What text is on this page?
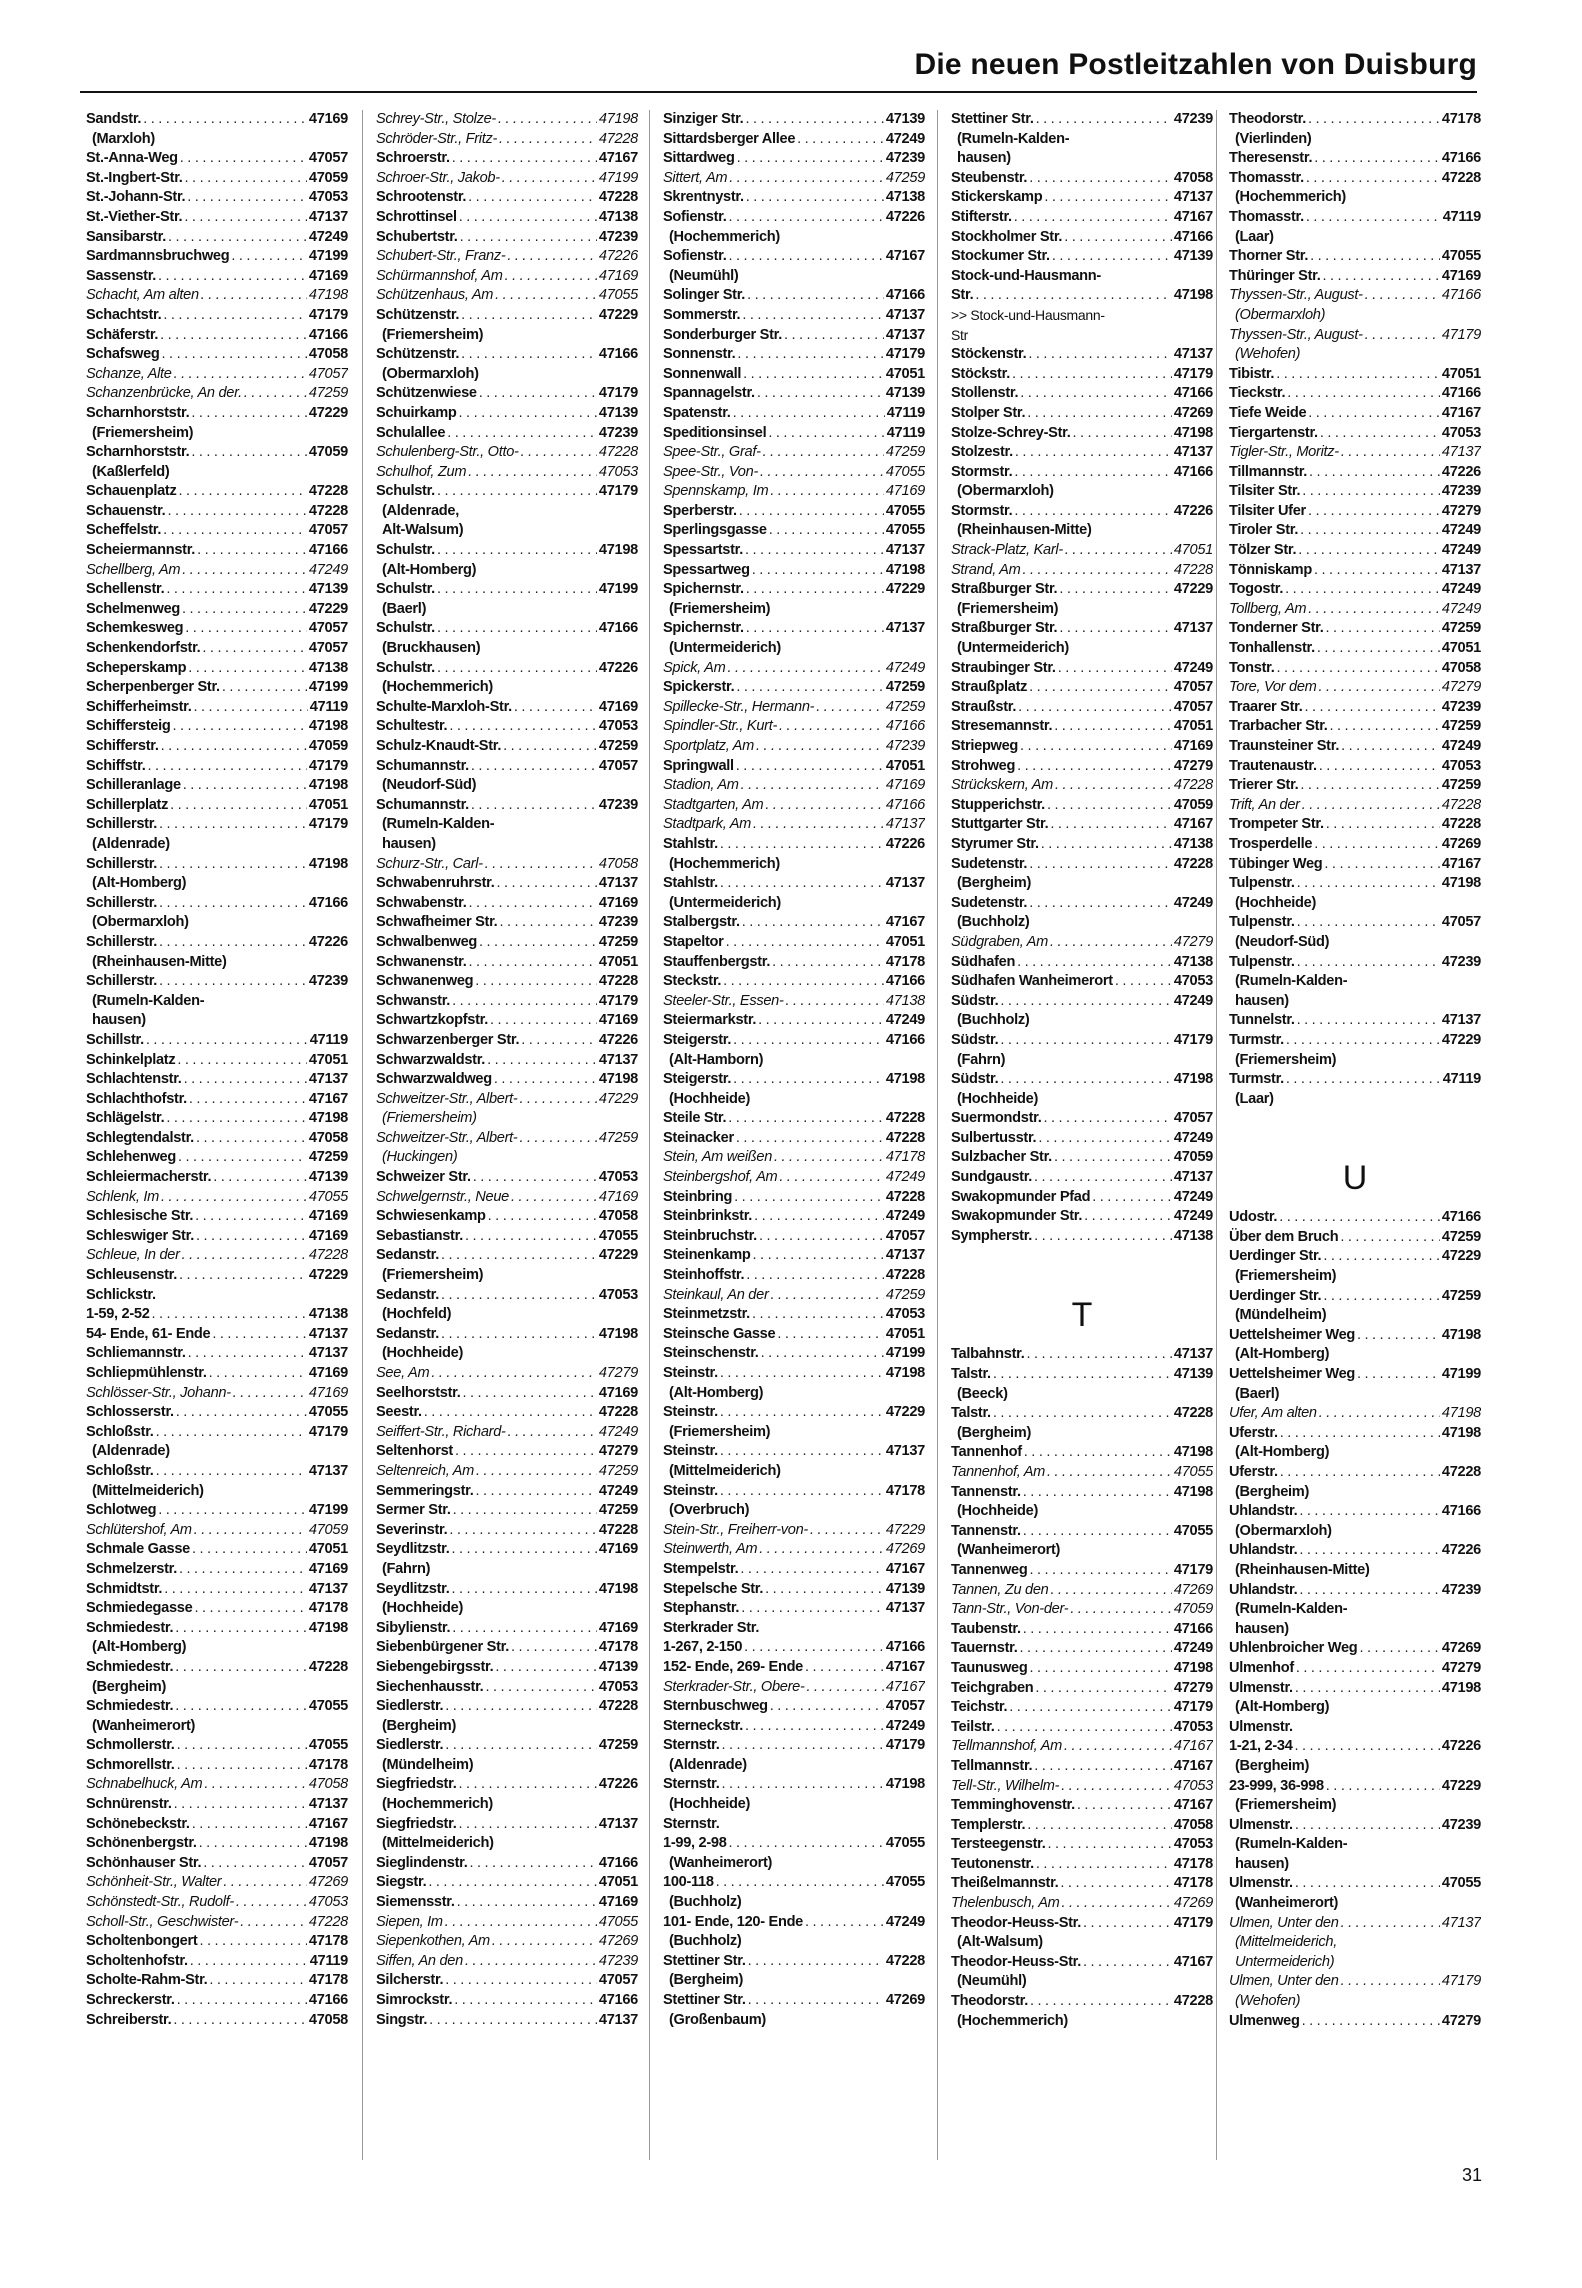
Die neuen Postleitzahlen von Duisburg
Sandstr. . . .	47169
(Marxloh)
St.-Anna-Weg . . .	47057
St.-Ingbert-Str. . . .	47059
St.-Johann-Str. . . .	47053
St.-Viether-Str. . . .	47137
Sansibarstr. . . .	47249
Sardmannsbruchweg . . .	47199
Sassenstr. . . .	47169
Schacht, Am alten . . .	47198
Schachtstr. . . .	47179
Schäferstr. . . .	47166
Schafsweg . . .	47058
Schanze, Alte . . .	47057
Schanzenbrücke, An der. . . .	47259
Scharnhorststr. . . .	47229
(Friemersheim)
Scharnhorststr. . . .	47059
(Kaßlerfeld)
Schauenplatz . . .	47228
Schauenstr. . . .	47228
Scheffelstr. . . .	47057
Scheiermannstr. . . .	47166
Schellberg, Am . . .	47249
Schellenstr. . . .	47139
Schelmenweg . . .	47229
Schemkesweg . . .	47057
Schenkendorfstr. . . .	47057
Scheperskamp . . .	47138
Scherpenberger Str. . . .	47199
Schifferheimstr. . . .	47119
Schiffersteig . . .	47198
Schifferstr. . . .	47059
Schiffstr. . . .	47179
Schilleranlage . . .	47198
Schillerplatz . . .	47051
Schillerstr. . . .	47179
(Aldenrade)
Schillerstr. . . .	47198
(Alt-Homberg)
Schillerstr. . . .	47166
(Obermarxloh)
Schillerstr. . . .	47226
(Rheinhausen-Mitte)
Schillerstr. . . .	47239
(Rumeln-Kalden-
hausen)
Schillstr. . . .	47119
Schinkelplatz . . .	47051
Schlachtenstr. . . .	47137
Schlachthofstr. . . .	47167
Schlägelstr. . . .	47198
Schlegtendalstr. . . .	47058
Schlehenweg . . .	47259
Schleiermacherstr. . . .	47139
Schlenk, Im . . .	47055
Schlesische Str. . . .	47169
Schleswiger Str. . . .	47169
Schleue, In der . . .	47228
Schleusenstr. . . .	47229
Schlickstr.
1-59, 2-52 . . .	47138
54- Ende, 61- Ende . . .	47137
Schliemannstr. . . .	47137
Schliepmühlenstr. . . .	47169
Schlösser-Str., Johann- . . .	47169
Schlosserstr. . . .	47055
Schloßstr. . . .	47179
(Aldenrade)
Schloßstr. . . .	47137
(Mittelmeiderich)
Schlotweg . . .	47199
Schlütershof, Am . . .	47059
Schmale Gasse . . .	47051
Schmelzerstr. . . .	47169
Schmidtstr. . . .	47137
Schmiedegasse . . .	47178
Schmiedestr. . . .	47198
(Alt-Homberg)
Schmiedestr. . . .	47228
(Bergheim)
Schmiedestr. . . .	47055
(Wanheimerort)
Schmollerstr. . . .	47055
Schmorellstr. . . .	47178
Schnabelhuck, Am . . .	47058
Schnürenstr. . . .	47137
Schönebeckstr. . . .	47167
Schönenbergstr. . . .	47198
Schönhauser Str. . . .	47057
Schönheit-Str., Walter . . .	47269
Schönstedt-Str., Rudolf- . . .	47053
Scholl-Str., Geschwister- . . .	47228
Scholtenbongert . . .	47178
Scholtenhofstr. . . .	47119
Scholte-Rahm-Str. . . .	47178
Schreckerstr. . . .	47166
Schreiberstr. . . .	47058
Schrey-Str., Stolze- . . .	47198
Schröder-Str., Fritz- . . .	47228
Schroerstr. . . .	47167
Schroer-Str., Jakob- . . .	47199
Schrootenstr. . . .	47228
Schrottinsel . . .	47138
Schubertstr. . . .	47239
Schubert-Str., Franz- . . .	47226
Schürmannshof, Am . . .	47169
Schützenhaus, Am . . .	47055
Schützenstr. . . .	47229
(Friemersheim)
Schützenstr. . . .	47166
(Obermarxloh)
Schützenwiese . . .	47179
Schuirkamp . . .	47139
Schulallee . . .	47239
Schulenberg-Str., Otto- . . .	47228
Schulhof, Zum . . .	47053
Schulstr. . . .	47179
(Aldenrade,
Alt-Walsum)
Schulstr. . . .	47198
(Alt-Homberg)
Schulstr. . . .	47199
(Baerl)
Schulstr. . . .	47166
(Bruckhausen)
Schulstr. . . .	47226
(Hochemmerich)
Schulte-Marxloh-Str. . . .	47169
Schultestr. . . .	47053
Schulz-Knaudt-Str. . . .	47259
Schumannstr. . . .	47057
(Neudorf-Süd)
Schumannstr. . . .	47239
(Rumeln-Kalden-
hausen)
Schurz-Str., Carl- . . .	47058
Schwabenruhrstr. . . .	47137
Schwabenstr. . . .	47169
Schwafheimer Str. . . .	47239
Schwalbenweg . . .	47259
Schwanenstr. . . .	47051
Schwanenweg . . .	47228
Schwanstr. . . .	47179
Schwartzkopfstr. . . .	47169
Schwarzenberger Str. . . .	47226
Schwarzwaldstr. . . .	47137
Schwarzwaldweg . . .	47198
Schweitzer-Str., Albert- . . .	47229
(Friemersheim)
Schweitzer-Str., Albert- . . .	47259
(Huckingen)
Schweizer Str. . . .	47053
Schwelgernstr., Neue . . .	47169
Schwiesenkamp . . .	47058
Sebastianstr. . . .	47055
Sedanstr. . . .	47229
(Friemersheim)
Sedanstr. . . .	47053
(Hochfeld)
Sedanstr. . . .	47198
(Hochheide)
See, Am . . .	47279
Seelhorststr. . . .	47169
Seestr. . . .	47228
Seiffert-Str., Richard- . . .	47249
Seltenhorst . . .	47279
Seltenreich, Am . . .	47259
Semmeringstr. . . .	47249
Sermer Str. . . .	47259
Severinstr. . . .	47228
Seydlitzstr. . . .	47169
(Fahrn)
Seydlitzstr. . . .	47198
(Hochheide)
Sibylienstr. . . .	47169
Siebenbürgener Str. . . .	47178
Siebengebirgsstr. . . .	47139
Siechenhausstr. . . .	47053
Siedlerstr. . . .	47228
(Bergheim)
Siedlerstr. . . .	47259
(Mündelheim)
Siegfriedstr. . . .	47226
(Hochemmerich)
Siegfriedstr. . . .	47137
(Mittelmeiderich)
Sieglindenstr. . . .	47166
Siegstr. . . .	47051
Siemensstr. . . .	47169
Siepen, Im . . .	47055
Siepenkothen, Am . . .	47269
Siffen, An den . . .	47239
Silcherstr. . . .	47057
Simrockstr. . . .	47166
Singstr. . . .	47137
Sinziger Str. . . .	47139
Sittardsberger Allee . . .	47249
Sittardweg . . .	47239
Sittert, Am . . .	47259
Skrentnystr. . . .	47138
Sofienstr. . . .	47226
(Hochemmerich)
Sofienstr. . . .	47167
(Neumühl)
Solinger Str. . . .	47166
Sommerstr. . . .	47137
Sonderburger Str. . . .	47137
Sonnenstr. . . .	47179
Sonnenwall . . .	47051
Spannagelstr. . . .	47139
Spatenstr. . . .	47119
Speditionsinsel . . .	47119
Spee-Str., Graf- . . .	47259
Spee-Str., Von- . . .	47055
Spennskamp, Im . . .	47169
Sperberstr. . . .	47055
Sperlingsgasse . . .	47055
Spessartstr. . . .	47137
Spessartweg . . .	47198
Spichernstr. . . .	47229
(Friemersheim)
Spichernstr. . . .	47137
(Untermeiderich)
Spick, Am . . .	47249
Spickerstr. . . .	47259
Spillecke-Str., Hermann- . . .	47259
Spindler-Str., Kurt- . . .	47166
Sportplatz, Am . . .	47239
Springwall . . .	47051
Stadion, Am . . .	47169
Stadtgarten, Am . . .	47166
Stadtpark, Am . . .	47137
Stahlstr. . . .	47226
(Hochemmerich)
Stahlstr. . . .	47137
(Untermeiderich)
Stalbergstr. . . .	47167
Stapeltor . . .	47051
Stauffenbergstr. . . .	47178
Steckstr. . . .	47166
Steeler-Str., Essen- . . .	47138
Steiermarkstr. . . .	47249
Steigerstr. . . .	47166
(Alt-Hamborn)
Steigerstr. . . .	47198
(Hochheide)
Steile Str. . . .	47228
Steinacker . . .	47228
Stein, Am weißen . . .	47178
Steinbergshof, Am . . .	47249
Steinbring . . .	47228
Steinbrinkstr. . . .	47249
Steinbruchstr. . . .	47057
Steinenkamp . . .	47137
Steinhoffstr. . . .	47228
Steinkaul, An der . . .	47259
Steinmetzstr. . . .	47053
Steinsche Gasse . . .	47051
Steinschenstr. . . .	47199
Steinstr. . . .	47198
(Alt-Homberg)
Steinstr. . . .	47229
(Friemersheim)
Steinstr. . . .	47137
(Mittelmeiderich)
Steinstr. . . .	47178
(Overbruch)
Stein-Str., Freiherr-von- . . .	47229
Steinwerth, Am . . .	47269
Stempelstr. . . .	47167
Stepelsche Str. . . .	47139
Stephanstr. . . .	47137
Sterkrader Str.
1-267, 2-150 . . .	47166
152- Ende, 269- Ende . . .	47167
Sterkrader-Str., Obere- . . .	47167
Sternbuschweg . . .	47057
Sterneckstr. . . .	47249
Sternstr. . . .	47179
(Aldenrade)
Sternstr. . . .	47198
(Hochheide)
Sternstr.
1-99, 2-98 . . .	47055
(Wanheimerort)
100-118 . . .	47055
(Buchholz)
101- Ende, 120- Ende . . .	47249
(Buchholz)
Stettiner Str. . . .	47228
(Bergheim)
Stettiner Str. . . .	47269
(Großenbaum)
Stettiner Str. . . .	47239
(Rumeln-Kalden-
hausen)
Steubenstr. . . .	47058
Stickerskamp . . .	47137
Stifterstr. . . .	47167
Stockholmer Str. . . .	47166
Stockumer Str. . . .	47139
Stock-und-Hausmann-
Str. . . .	47198
>> Stock-und-Hausmann-
Str
Stöckenstr. . . .	47137
Stöckstr. . . .	47179
Stollenstr. . . .	47166
Stolper Str. . . .	47269
Stolze-Schrey-Str. . . .	47198
Stolzestr. . . .	47137
Stormstr. . . .	47166
(Obermarxloh)
Stormstr. . . .	47226
(Rheinhausen-Mitte)
Strack-Platz, Karl- . . .	47051
Strand, Am . . .	47228
Straßburger Str. . . .	47229
(Friemersheim)
Straßburger Str. . . .	47137
(Untermeiderich)
Straubinger Str. . . .	47249
Straußplatz . . .	47057
Straußstr. . . .	47057
Stresemannstr. . . .	47051
Striepweg . . .	47169
Strohweg . . .	47279
Strückskern, Am . . .	47228
Stupperichstr. . . .	47059
Stuttgarter Str. . . .	47167
Styrumer Str. . . .	47138
Sudetenstr. . . .	47228
(Bergheim)
Sudetenstr. . . .	47249
(Buchholz)
Südgraben, Am . . .	47279
Südhafen . . .	47138
Südhafen Wanheimerort . . .	47053
Südstr. . . .	47249
(Buchholz)
Südstr. . . .	47179
(Fahrn)
Südstr. . . .	47198
(Hochheide)
Suermondstr. . . .	47057
Sulbertusstr. . . .	47249
Sulzbacher Str. . . .	47059
Sundgaustr. . . .	47137
Swakopmunder Pfad . . .	47249
Swakopmunder Str. . . .	47249
Sympherstr. . . .	47138
T
Talbahnstr. . . .	47137
Talstr. . . .	47139
(Beeck)
Talstr. . . .	47228
(Bergheim)
Tannenhof . . .	47198
Tannenhof, Am . . .	47055
Tannenstr. . . .	47198
(Hochheide)
Tannenstr. . . .	47055
(Wanheimerort)
Tannenweg . . .	47179
Tannen, Zu den . . .	47269
Tann-Str., Von-der- . . .	47059
Taubenstr. . . .	47166
Tauernstr. . . .	47249
Taunusweg . . .	47198
Teichgraben . . .	47279
Teichstr. . . .	47179
Teilstr. . . .	47053
Tellmannshof, Am . . .	47167
Tellmannstr. . . .	47167
Tell-Str., Wilhelm- . . .	47053
Temminghovenstr. . . .	47167
Templerstr. . . .	47058
Tersteegenstr. . . .	47053
Teutonenstr. . . .	47178
Theißelmannstr. . . .	47178
Thelenbusch, Am . . .	47269
Theodor-Heuss-Str. . . .	47179
(Alt-Walsum)
Theodor-Heuss-Str. . . .	47167
(Neumühl)
Theodorstr. . . .	47228
(Hochemmerich)
Theodorstr. . . .	47178
(Vierlinden)
Theresenstr. . . .	47166
Thomasstr. . . .	47228
(Hochemmerich)
Thomasstr. . . .	47119
(Laar)
Thorner Str. . . .	47055
Thüringer Str. . . .	47169
Thyssen-Str., August- . . .	47166
(Obermarxloh)
Thyssen-Str., August- . . .	47179
(Wehofen)
Tibistr. . . .	47051
Tieckstr. . . .	47166
Tiefe Weide . . .	47167
Tiergartenstr. . . .	47053
Tigler-Str., Moritz- . . .	47137
Tillmannstr. . . .	47226
Tilsiter Str. . . .	47239
Tilsiter Ufer . . .	47279
Tiroler Str. . . .	47249
Tölzer Str. . . .	47249
Tönniskamp . . .	47137
Togostr. . . .	47249
Tollberg, Am . . .	47249
Tonderner Str. . . .	47259
Tonhallenstr. . . .	47051
Tonstr. . . .	47058
Tore, Vor dem . . .	47279
Traarer Str. . . .	47239
Trarbacher Str. . . .	47259
Traunsteiner Str. . . .	47249
Trautenaustr. . . .	47053
Trierer Str. . . .	47259
Trift, An der . . .	47228
Trompeter Str. . . .	47228
Trosperdelle . . .	47269
Tübinger Weg . . .	47167
Tulpenstr. . . .	47198
(Hochheide)
Tulpenstr. . . .	47057
(Neudorf-Süd)
Tulpenstr. . . .	47239
(Rumeln-Kalden-
hausen)
Tunnelstr. . . .	47137
Turmstr. . . .	47229
(Friemersheim)
Turmstr. . . .	47119
(Laar)
U
Udostr. . . .	47166
Über dem Bruch . . .	47259
Uerdinger Str. . . .	47229
(Friemersheim)
Uerdinger Str. . . .	47259
(Mündelheim)
Uettelsheimer Weg . . .	47198
(Alt-Homberg)
Uettelsheimer Weg . . .	47199
(Baerl)
Ufer, Am alten . . .	47198
Uferstr. . . .	47198
(Alt-Homberg)
Uferstr. . . .	47228
(Bergheim)
Uhlandstr. . . .	47166
(Obermarxloh)
Uhlandstr. . . .	47226
(Rheinhausen-Mitte)
Uhlandstr. . . .	47239
(Rumeln-Kalden-
hausen)
Uhlenbroicher Weg . . .	47269
Ulmenhof . . .	47279
Ulmenstr. . . .	47198
(Alt-Homberg)
Ulmenstr.
1-21, 2-34 . . .	47226
(Bergheim)
23-999, 36-998 . . .	47229
(Friemersheim)
Ulmenstr. . . .	47239
(Rumeln-Kalden-
hausen)
Ulmenstr. . . .	47055
(Wanheimerort)
Ulmen, Unter den . . .	47137
(Mittelmeiderich,
Untermeiderich)
Ulmen, Unter den . . .	47179
(Wehofen)
Ulmenweg . . .	47279
31
